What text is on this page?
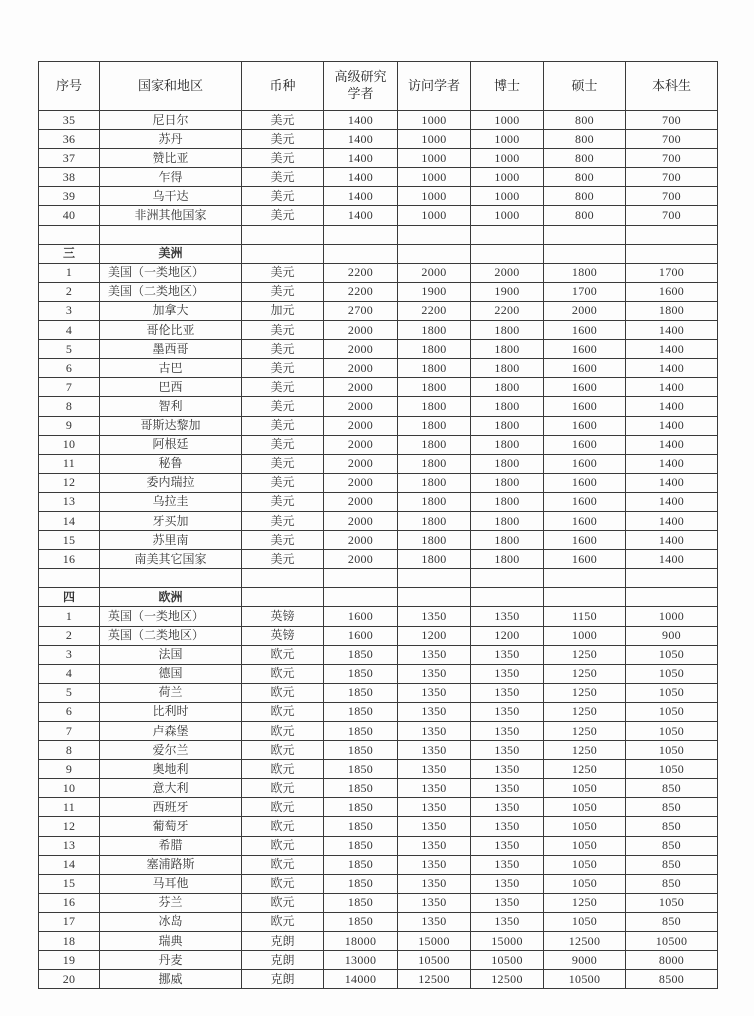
序号	国家和地区	币种	高级研究学者	访问学者	博士	硕士	本科生
35	尼日尔	美元	1400	1000	1000	800	700
36	苏丹	美元	1400	1000	1000	800	700
37	赞比亚	美元	1400	1000	1000	800	700
38	乍得	美元	1400	1000	1000	800	700
39	乌干达	美元	1400	1000	1000	800	700
40	非洲其他国家	美元	1400	1000	1000	800	700

三	美洲						
1	美国（一类地区）	美元	2200	2000	2000	1800	1700
2	美国（二类地区）	美元	2200	1900	1900	1700	1600
3	加拿大	加元	2700	2200	2200	2000	1800
4	哥伦比亚	美元	2000	1800	1800	1600	1400
5	墨西哥	美元	2000	1800	1800	1600	1400
6	古巴	美元	2000	1800	1800	1600	1400
7	巴西	美元	2000	1800	1800	1600	1400
8	智利	美元	2000	1800	1800	1600	1400
9	哥斯达黎加	美元	2000	1800	1800	1600	1400
10	阿根廷	美元	2000	1800	1800	1600	1400
11	秘鲁	美元	2000	1800	1800	1600	1400
12	委内瑞拉	美元	2000	1800	1800	1600	1400
13	乌拉圭	美元	2000	1800	1800	1600	1400
14	牙买加	美元	2000	1800	1800	1600	1400
15	苏里南	美元	2000	1800	1800	1600	1400
16	南美其它国家	美元	2000	1800	1800	1600	1400

四	欧洲						
1	英国（一类地区）	英镑	1600	1350	1350	1150	1000
2	英国（二类地区）	英镑	1600	1200	1200	1000	900
3	法国	欧元	1850	1350	1350	1250	1050
4	德国	欧元	1850	1350	1350	1250	1050
5	荷兰	欧元	1850	1350	1350	1250	1050
6	比利时	欧元	1850	1350	1350	1250	1050
7	卢森堡	欧元	1850	1350	1350	1250	1050
8	爱尔兰	欧元	1850	1350	1350	1250	1050
9	奥地利	欧元	1850	1350	1350	1250	1050
10	意大利	欧元	1850	1350	1350	1050	850
11	西班牙	欧元	1850	1350	1350	1050	850
12	葡萄牙	欧元	1850	1350	1350	1050	850
13	希腊	欧元	1850	1350	1350	1050	850
14	塞浦路斯	欧元	1850	1350	1350	1050	850
15	马耳他	欧元	1850	1350	1350	1050	850
16	芬兰	欧元	1850	1350	1350	1250	1050
17	冰岛	欧元	1850	1350	1350	1050	850
18	瑞典	克朗	18000	15000	15000	12500	10500
19	丹麦	克朗	13000	10500	10500	9000	8000
20	挪威	克朗	14000	12500	12500	10500	8500
